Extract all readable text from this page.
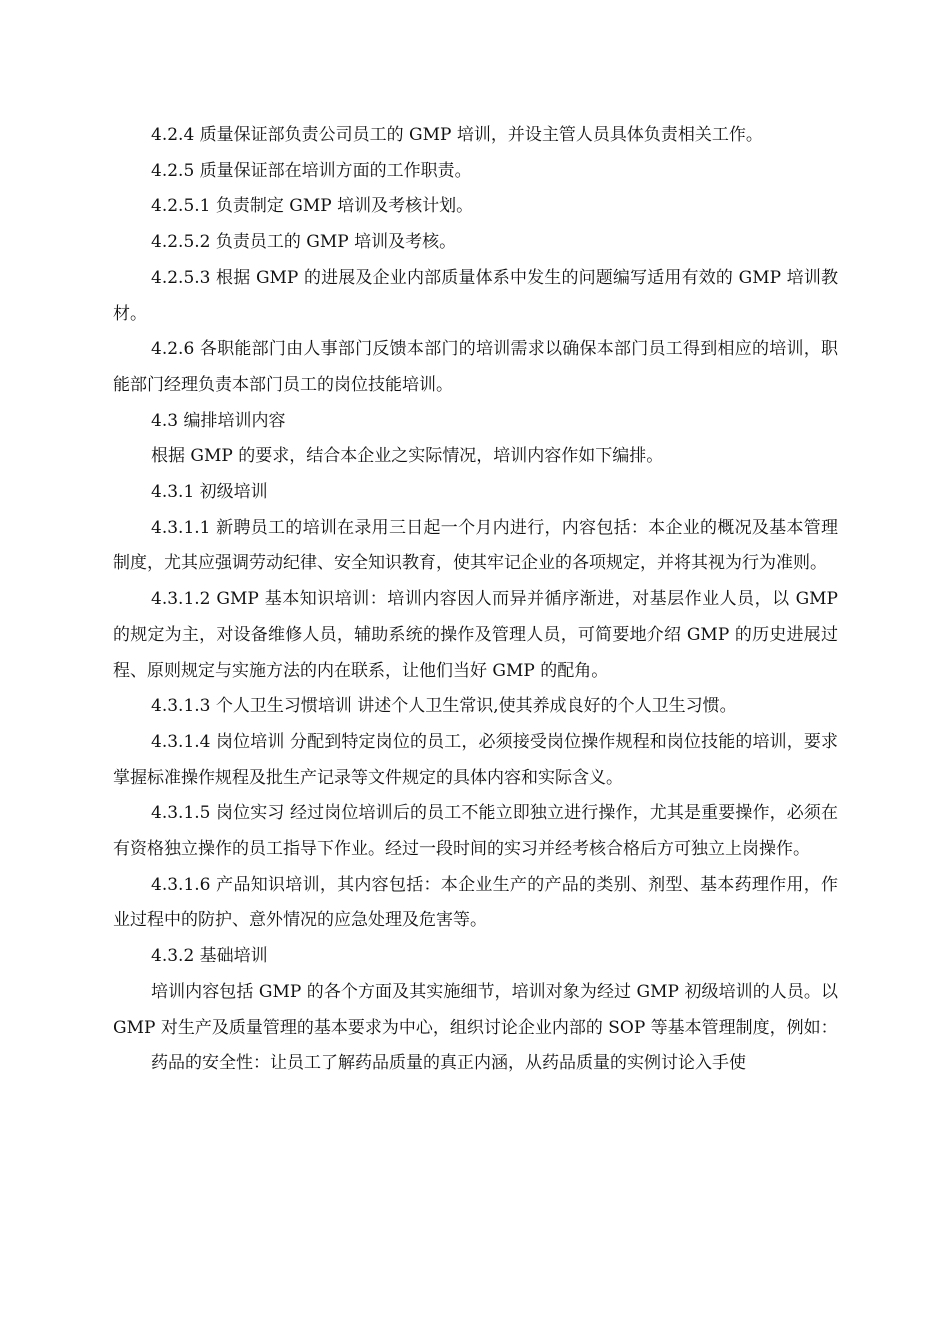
4.2.4 质量保证部负责公司员工的 GMP 培训，并设主管人员具体负责相关工作。

4.2.5 质量保证部在培训方面的工作职责。

4.2.5.1 负责制定 GMP 培训及考核计划。

4.2.5.2 负责员工的 GMP 培训及考核。

4.2.5.3 根据 GMP 的进展及企业内部质量体系中发生的问题编写适用有效的 GMP 培训教材。

4.2.6 各职能部门由人事部门反馈本部门的培训需求以确保本部门员工得到相应的培训，职能部门经理负责本部门员工的岗位技能培训。

4.3 编排培训内容

根据 GMP 的要求，结合本企业之实际情况，培训内容作如下编排。

4.3.1 初级培训

4.3.1.1 新聘员工的培训在录用三日起一个月内进行，内容包括：本企业的概况及基本管理制度，尤其应强调劳动纪律、安全知识教育，使其牢记企业的各项规定，并将其视为行为准则。

4.3.1.2 GMP 基本知识培训：培训内容因人而异并循序渐进，对基层作业人员，以 GMP 的规定为主，对设备维修人员，辅助系统的操作及管理人员，可简要地介绍 GMP 的历史进展过程、原则规定与实施方法的内在联系，让他们当好 GMP 的配角。

4.3.1.3 个人卫生习惯培训 讲述个人卫生常识,使其养成良好的个人卫生习惯。

4.3.1.4 岗位培训 分配到特定岗位的员工，必须接受岗位操作规程和岗位技能的培训，要求掌握标准操作规程及批生产记录等文件规定的具体内容和实际含义。

4.3.1.5 岗位实习 经过岗位培训后的员工不能立即独立进行操作，尤其是重要操作，必须在有资格独立操作的员工指导下作业。经过一段时间的实习并经考核合格后方可独立上岗操作。

4.3.1.6 产品知识培训，其内容包括：本企业生产的产品的类别、剂型、基本药理作用，作业过程中的防护、意外情况的应急处理及危害等。

4.3.2 基础培训

培训内容包括 GMP 的各个方面及其实施细节，培训对象为经过 GMP 初级培训的人员。以 GMP 对生产及质量管理的基本要求为中心，组织讨论企业内部的 SOP 等基本管理制度，例如：

药品的安全性：让员工了解药品质量的真正内涵，从药品质量的实例讨论入手使
